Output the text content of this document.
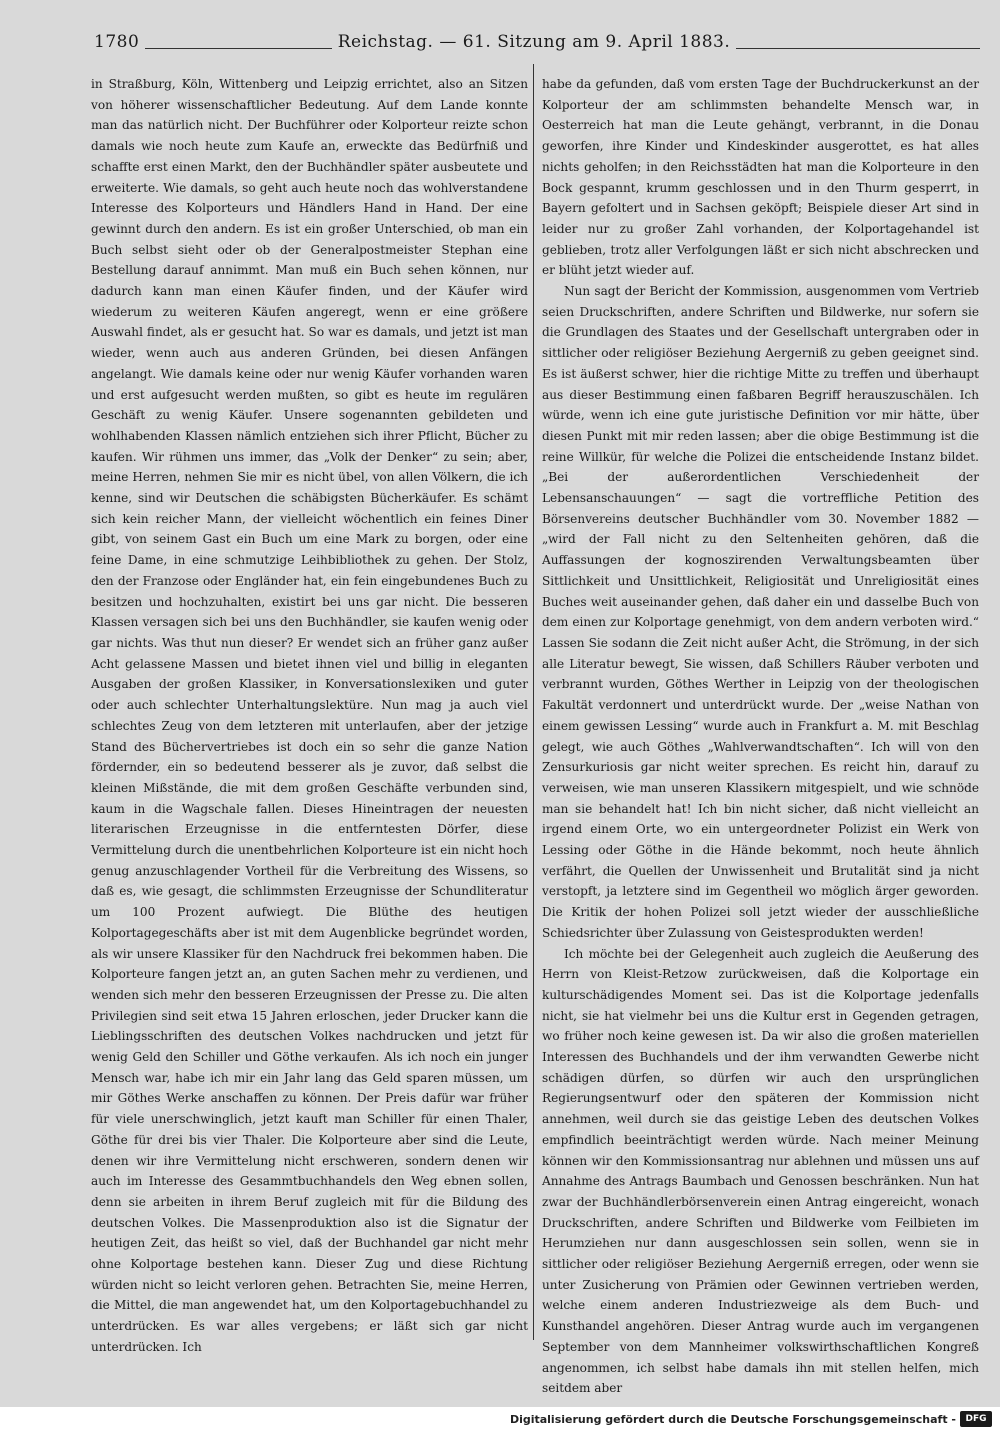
1780	Reichstag. — 61. Sitzung am 9. April 1883.

in Straßburg, Köln, Wittenberg und Leipzig errichtet, also an Sitzen von höherer wissenschaftlicher Bedeutung. Auf dem Lande konnte man das natürlich nicht. Der Buchführer oder Kolporteur reizte schon damals wie noch heute zum Kaufe an, erweckte das Bedürfniß und schaffte erst einen Markt, den der Buchhändler später ausbeutete und erweiterte. Wie damals, so geht auch heute noch das wohlverstandene Interesse des Kolporteurs und Händlers Hand in Hand. Der eine gewinnt durch den andern. Es ist ein großer Unterschied, ob man ein Buch selbst sieht oder ob der Generalpostmeister Stephan eine Bestellung darauf annimmt. Man muß ein Buch sehen können, nur dadurch kann man einen Käufer finden, und der Käufer wird wiederum zu weiteren Käufen angeregt, wenn er eine größere Auswahl findet, als er gesucht hat. So war es damals, und jetzt ist man wieder, wenn auch aus anderen Gründen, bei diesen Anfängen angelangt. Wie damals keine oder nur wenig Käufer vorhanden waren und erst aufgesucht werden mußten, so gibt es heute im regulären Geschäft zu wenig Käufer. Unsere sogenannten gebildeten und wohlhabenden Klassen nämlich entziehen sich ihrer Pflicht, Bücher zu kaufen. Wir rühmen uns immer, das „Volk der Denker“ zu sein; aber, meine Herren, nehmen Sie mir es nicht übel, von allen Völkern, die ich kenne, sind wir Deutschen die schäbigsten Bücherkäufer. Es schämt sich kein reicher Mann, der vielleicht wöchentlich ein feines Diner gibt, von seinem Gast ein Buch um eine Mark zu borgen, oder eine feine Dame, in eine schmutzige Leihbibliothek zu gehen. Der Stolz, den der Franzose oder Engländer hat, ein fein eingebundenes Buch zu besitzen und hochzuhalten, existirt bei uns gar nicht. Die besseren Klassen versagen sich bei uns den Buchhändler, sie kaufen wenig oder gar nichts. Was thut nun dieser? Er wendet sich an früher ganz außer Acht gelassene Massen und bietet ihnen viel und billig in eleganten Ausgaben der großen Klassiker, in Konversationslexiken und guter oder auch schlechter Unterhaltungslektüre. Nun mag ja auch viel schlechtes Zeug von dem letzteren mit unterlaufen, aber der jetzige Stand des Büchervertriebes ist doch ein so sehr die ganze Nation fördernder, ein so bedeutend besserer als je zuvor, daß selbst die kleinen Mißstände, die mit dem großen Geschäfte verbunden sind, kaum in die Wagschale fallen. Dieses Hineintragen der neuesten literarischen Erzeugnisse in die entferntesten Dörfer, diese Vermittelung durch die unentbehrlichen Kolporteure ist ein nicht hoch genug anzuschlagender Vortheil für die Verbreitung des Wissens, so daß es, wie gesagt, die schlimmsten Erzeugnisse der Schundliteratur um 100 Prozent aufwiegt. Die Blüthe des heutigen Kolportagegeschäfts aber ist mit dem Augenblicke begründet worden, als wir unsere Klassiker für den Nachdruck frei bekommen haben. Die Kolporteure fangen jetzt an, an guten Sachen mehr zu verdienen, und wenden sich mehr den besseren Erzeugnissen der Presse zu. Die alten Privilegien sind seit etwa 15 Jahren erloschen, jeder Drucker kann die Lieblingsschriften des deutschen Volkes nachdrucken und jetzt für wenig Geld den Schiller und Göthe verkaufen. Als ich noch ein junger Mensch war, habe ich mir ein Jahr lang das Geld sparen müssen, um mir Göthes Werke anschaffen zu können. Der Preis dafür war früher für viele unerschwinglich, jetzt kauft man Schiller für einen Thaler, Göthe für drei bis vier Thaler. Die Kolporteure aber sind die Leute, denen wir ihre Vermittelung nicht erschweren, sondern denen wir auch im Interesse des Gesammtbuchhandels den Weg ebnen sollen, denn sie arbeiten in ihrem Beruf zugleich mit für die Bildung des deutschen Volkes. Die Massenproduktion also ist die Signatur der heutigen Zeit, das heißt so viel, daß der Buchhandel gar nicht mehr ohne Kolportage bestehen kann. Dieser Zug und diese Richtung würden nicht so leicht verloren gehen. Betrachten Sie, meine Herren, die Mittel, die man angewendet hat, um den Kolportagebuchhandel zu unterdrücken. Es war alles vergebens; er läßt sich gar nicht unterdrücken. Ich

habe da gefunden, daß vom ersten Tage der Buchdruckerkunst an der Kolporteur der am schlimmsten behandelte Mensch war, in Oesterreich hat man die Leute gehängt, verbrannt, in die Donau geworfen, ihre Kinder und Kindeskinder ausgerottet, es hat alles nichts geholfen; in den Reichsstädten hat man die Kolporteure in den Bock gespannt, krumm geschlossen und in den Thurm gesperrt, in Bayern gefoltert und in Sachsen geköpft; Beispiele dieser Art sind in leider nur zu großer Zahl vorhanden, der Kolportagehandel ist geblieben, trotz aller Verfolgungen läßt er sich nicht abschrecken und er blüht jetzt wieder auf.

Nun sagt der Bericht der Kommission, ausgenommen vom Vertrieb seien Druckschriften, andere Schriften und Bildwerke, nur sofern sie die Grundlagen des Staates und der Gesellschaft untergraben oder in sittlicher oder religiöser Beziehung Aergerniß zu geben geeignet sind. Es ist äußerst schwer, hier die richtige Mitte zu treffen und überhaupt aus dieser Bestimmung einen faßbaren Begriff herauszuschälen. Ich würde, wenn ich eine gute juristische Definition vor mir hätte, über diesen Punkt mit mir reden lassen; aber die obige Bestimmung ist die reine Willkür, für welche die Polizei die entscheidende Instanz bildet. „Bei der außerordentlichen Verschiedenheit der Lebensanschauungen“ — sagt die vortreffliche Petition des Börsenvereins deutscher Buchhändler vom 30. November 1882 — „wird der Fall nicht zu den Seltenheiten gehören, daß die Auffassungen der kognoszirenden Verwaltungsbeamten über Sittlichkeit und Unsittlichkeit, Religiosität und Unreligiosität eines Buches weit auseinander gehen, daß daher ein und dasselbe Buch von dem einen zur Kolportage genehmigt, von dem andern verboten wird.“ Lassen Sie sodann die Zeit nicht außer Acht, die Strömung, in der sich alle Literatur bewegt, Sie wissen, daß Schillers Räuber verboten und verbrannt wurden, Göthes Werther in Leipzig von der theologischen Fakultät verdonnert und unterdrückt wurde. Der „weise Nathan von einem gewissen Lessing“ wurde auch in Frankfurt a. M. mit Beschlag gelegt, wie auch Göthes „Wahlverwandtschaften“. Ich will von den Zensurkuriosis gar nicht weiter sprechen. Es reicht hin, darauf zu verweisen, wie man unseren Klassikern mitgespielt, und wie schnöde man sie behandelt hat! Ich bin nicht sicher, daß nicht vielleicht an irgend einem Orte, wo ein untergeordneter Polizist ein Werk von Lessing oder Göthe in die Hände bekommt, noch heute ähnlich verfährt, die Quellen der Unwissenheit und Brutalität sind ja nicht verstopft, ja letztere sind im Gegentheil wo möglich ärger geworden. Die Kritik der hohen Polizei soll jetzt wieder der ausschließliche Schiedsrichter über Zulassung von Geistesprodukten werden!

Ich möchte bei der Gelegenheit auch zugleich die Aeußerung des Herrn von Kleist-Retzow zurückweisen, daß die Kolportage ein kulturschädigendes Moment sei. Das ist die Kolportage jedenfalls nicht, sie hat vielmehr bei uns die Kultur erst in Gegenden getragen, wo früher noch keine gewesen ist. Da wir also die großen materiellen Interessen des Buchhandels und der ihm verwandten Gewerbe nicht schädigen dürfen, so dürfen wir auch den ursprünglichen Regierungsentwurf oder den späteren der Kommission nicht annehmen, weil durch sie das geistige Leben des deutschen Volkes empfindlich beeinträchtigt werden würde. Nach meiner Meinung können wir den Kommissionsantrag nur ablehnen und müssen uns auf Annahme des Antrags Baumbach und Genossen beschränken. Nun hat zwar der Buchhändlerbörsenverein einen Antrag eingereicht, wonach Druckschriften, andere Schriften und Bildwerke vom Feilbieten im Herumziehen nur dann ausgeschlossen sein sollen, wenn sie in sittlicher oder religiöser Beziehung Aergerniß erregen, oder wenn sie unter Zusicherung von Prämien oder Gewinnen vertrieben werden, welche einem anderen Industriezweige als dem Buch- und Kunsthandel angehören. Dieser Antrag wurde auch im vergangenen September von dem Mannheimer volkswirthschaftlichen Kongreß angenommen, ich selbst habe damals ihn mit stellen helfen, mich seitdem aber

Digitalisierung gefördert durch die Deutsche Forschungsgemeinschaft -	DFG
